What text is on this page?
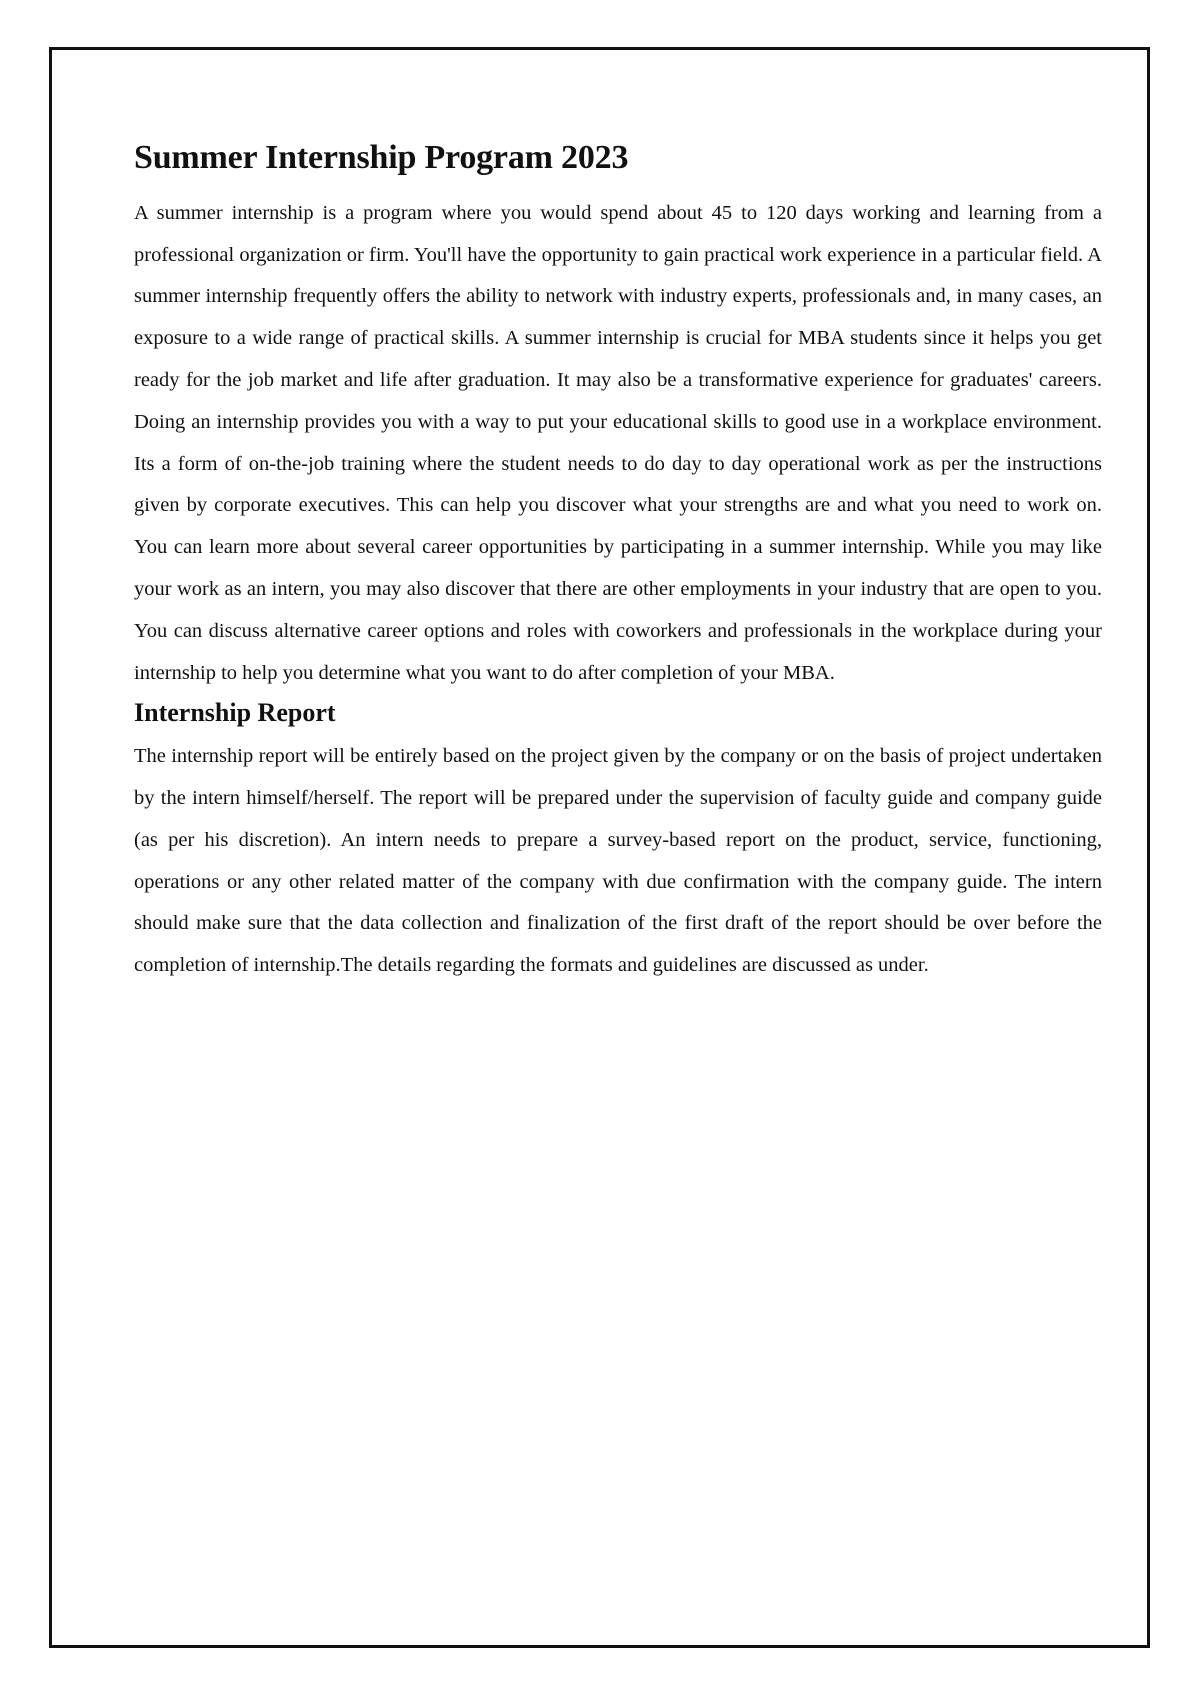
Summer Internship Program 2023

A summer internship is a program where you would spend about 45 to 120 days working and learning from a professional organization or firm. You'll have the opportunity to gain practical work experience in a particular field. A summer internship frequently offers the ability to network with industry experts, professionals and, in many cases, an exposure to a wide range of practical skills. A summer internship is crucial for MBA students since it helps you get ready for the job market and life after graduation. It may also be a transformative experience for graduates' careers. Doing an internship provides you with a way to put your educational skills to good use in a workplace environment. Its a form of on-the-job training where the student needs to do day to day operational work as per the instructions given by corporate executives. This can help you discover what your strengths are and what you need to work on. You can learn more about several career opportunities by participating in a summer internship. While you may like your work as an intern, you may also discover that there are other employments in your industry that are open to you. You can discuss alternative career options and roles with coworkers and professionals in the workplace during your internship to help you determine what you want to do after completion of your MBA.

Internship Report

The internship report will be entirely based on the project given by the company or on the basis of project undertaken by the intern himself/herself. The report will be prepared under the supervision of faculty guide and company guide (as per his discretion). An intern needs to prepare a survey-based report on the product, service, functioning, operations or any other related matter of the company with due confirmation with the company guide. The intern should make sure that the data collection and finalization of the first draft of the report should be over before the completion of internship.The details regarding the formats and guidelines are discussed as under.
